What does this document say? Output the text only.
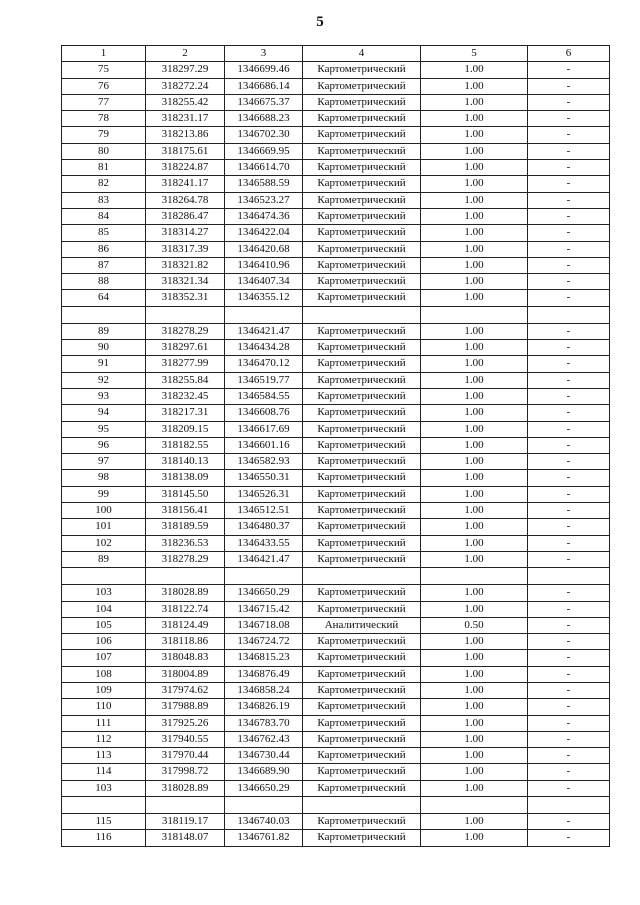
5
1	2	3	4	5	6
75	318297.29	1346699.46	Картометрический	1.00	-
76	318272.24	1346686.14	Картометрический	1.00	-
77	318255.42	1346675.37	Картометрический	1.00	-
78	318231.17	1346688.23	Картометрический	1.00	-
79	318213.86	1346702.30	Картометрический	1.00	-
80	318175.61	1346669.95	Картометрический	1.00	-
81	318224.87	1346614.70	Картометрический	1.00	-
82	318241.17	1346588.59	Картометрический	1.00	-
83	318264.78	1346523.27	Картометрический	1.00	-
84	318286.47	1346474.36	Картометрический	1.00	-
85	318314.27	1346422.04	Картометрический	1.00	-
86	318317.39	1346420.68	Картометрический	1.00	-
87	318321.82	1346410.96	Картометрический	1.00	-
88	318321.34	1346407.34	Картометрический	1.00	-
64	318352.31	1346355.12	Картометрический	1.00	-

89	318278.29	1346421.47	Картометрический	1.00	-
90	318297.61	1346434.28	Картометрический	1.00	-
91	318277.99	1346470.12	Картометрический	1.00	-
92	318255.84	1346519.77	Картометрический	1.00	-
93	318232.45	1346584.55	Картометрический	1.00	-
94	318217.31	1346608.76	Картометрический	1.00	-
95	318209.15	1346617.69	Картометрический	1.00	-
96	318182.55	1346601.16	Картометрический	1.00	-
97	318140.13	1346582.93	Картометрический	1.00	-
98	318138.09	1346550.31	Картометрический	1.00	-
99	318145.50	1346526.31	Картометрический	1.00	-
100	318156.41	1346512.51	Картометрический	1.00	-
101	318189.59	1346480.37	Картометрический	1.00	-
102	318236.53	1346433.55	Картометрический	1.00	-
89	318278.29	1346421.47	Картометрический	1.00	-

103	318028.89	1346650.29	Картометрический	1.00	-
104	318122.74	1346715.42	Картометрический	1.00	-
105	318124.49	1346718.08	Аналитический	0.50	-
106	318118.86	1346724.72	Картометрический	1.00	-
107	318048.83	1346815.23	Картометрический	1.00	-
108	318004.89	1346876.49	Картометрический	1.00	-
109	317974.62	1346858.24	Картометрический	1.00	-
110	317988.89	1346826.19	Картометрический	1.00	-
111	317925.26	1346783.70	Картометрический	1.00	-
112	317940.55	1346762.43	Картометрический	1.00	-
113	317970.44	1346730.44	Картометрический	1.00	-
114	317998.72	1346689.90	Картометрический	1.00	-
103	318028.89	1346650.29	Картометрический	1.00	-

115	318119.17	1346740.03	Картометрический	1.00	-
116	318148.07	1346761.82	Картометрический	1.00	-
